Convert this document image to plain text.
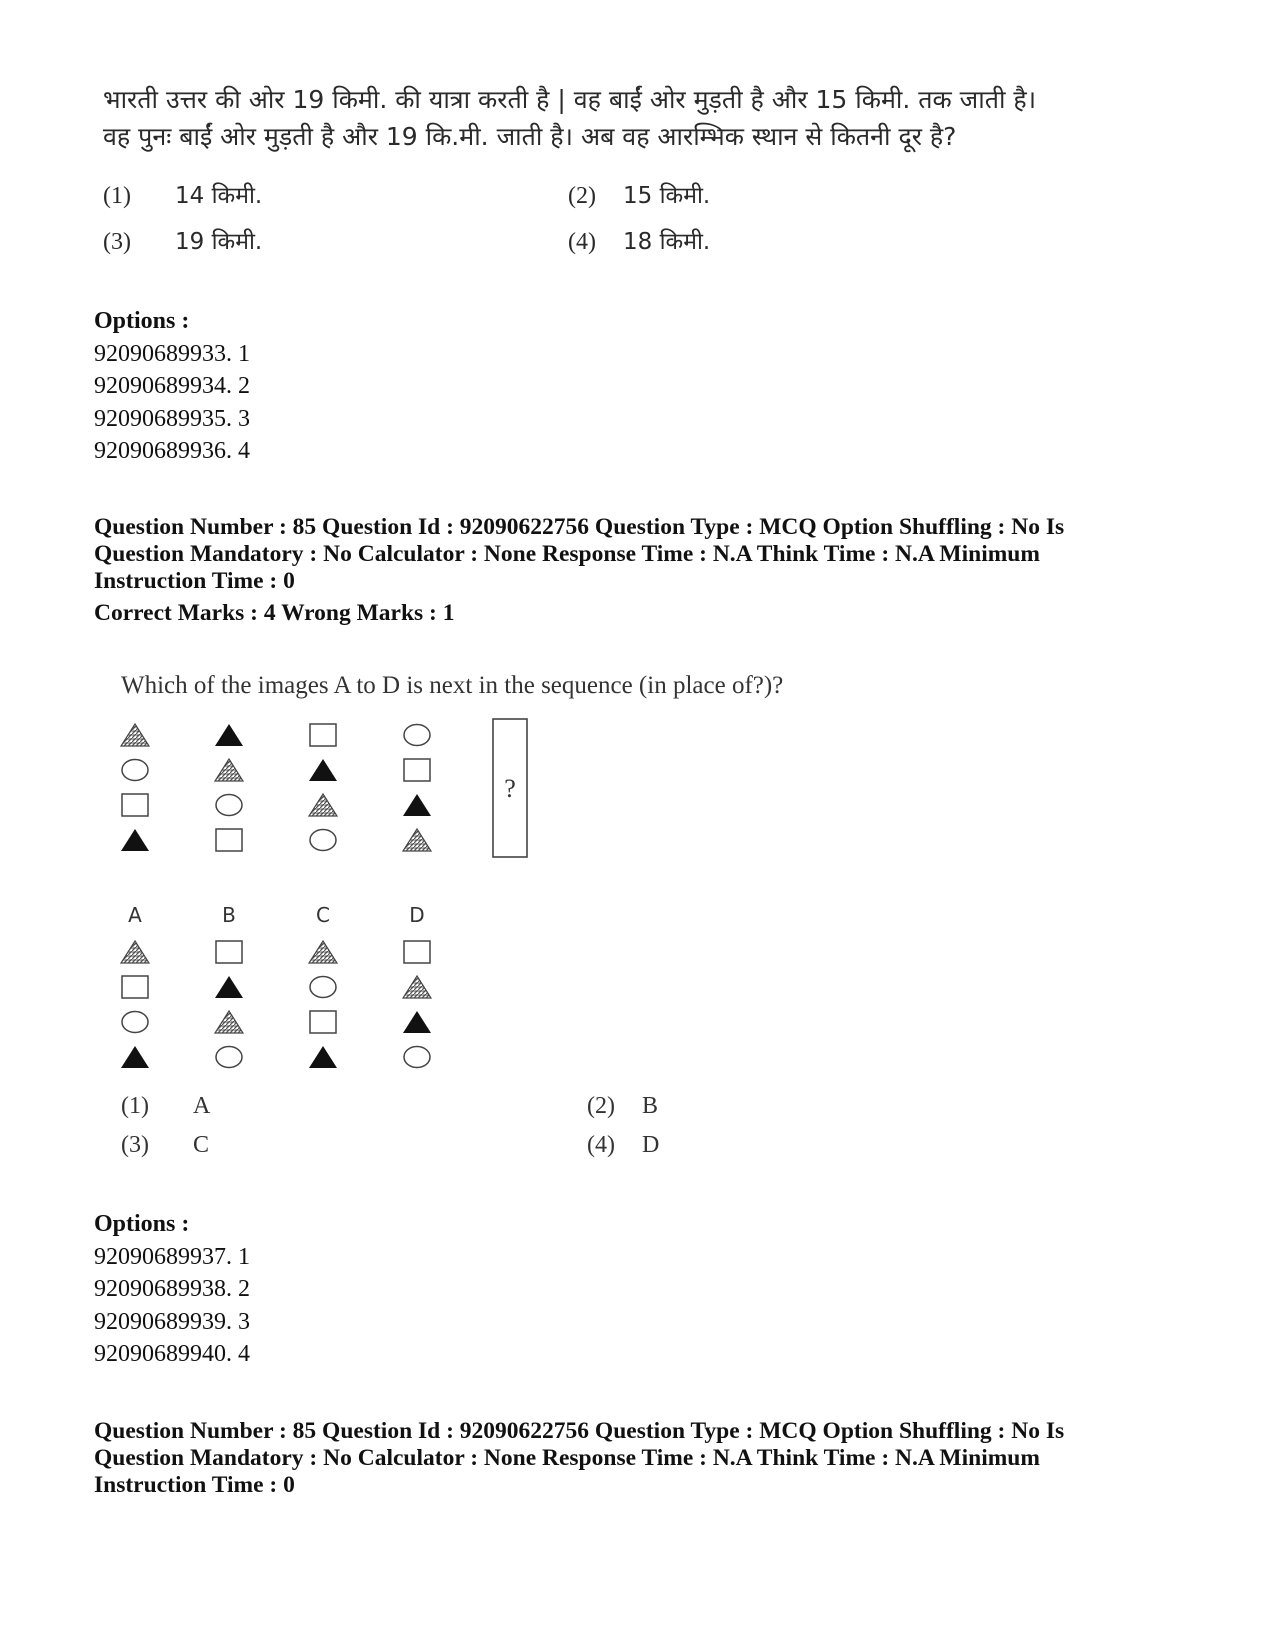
भारती उत्तर की ओर 19 किमी. की यात्रा करती है | वह बाईं ओर मुड़ती है और 15 किमी. तक जाती है।
वह पुनः बाईं ओर मुड़ती है और 19 कि.मी. जाती है। अब वह आरम्भिक स्थान से कितनी दूर है?
(1) 14 किमी.	(2) 15 किमी.
(3) 19 किमी.	(4) 18 किमी.
Options :
92090689933. 1
92090689934. 2
92090689935. 3
92090689936. 4
Question Number : 85 Question Id : 92090622756 Question Type : MCQ Option Shuffling : No Is
Question Mandatory : No Calculator : None Response Time : N.A Think Time : N.A Minimum
Instruction Time : 0
Correct Marks : 4 Wrong Marks : 1
Which of the images A to D is next in the sequence (in place of?)?
?
A	B	C	D
(1) A	(2) B
(3) C	(4) D
Options :
92090689937. 1
92090689938. 2
92090689939. 3
92090689940. 4
Question Number : 85 Question Id : 92090622756 Question Type : MCQ Option Shuffling : No Is
Question Mandatory : No Calculator : None Response Time : N.A Think Time : N.A Minimum
Instruction Time : 0
